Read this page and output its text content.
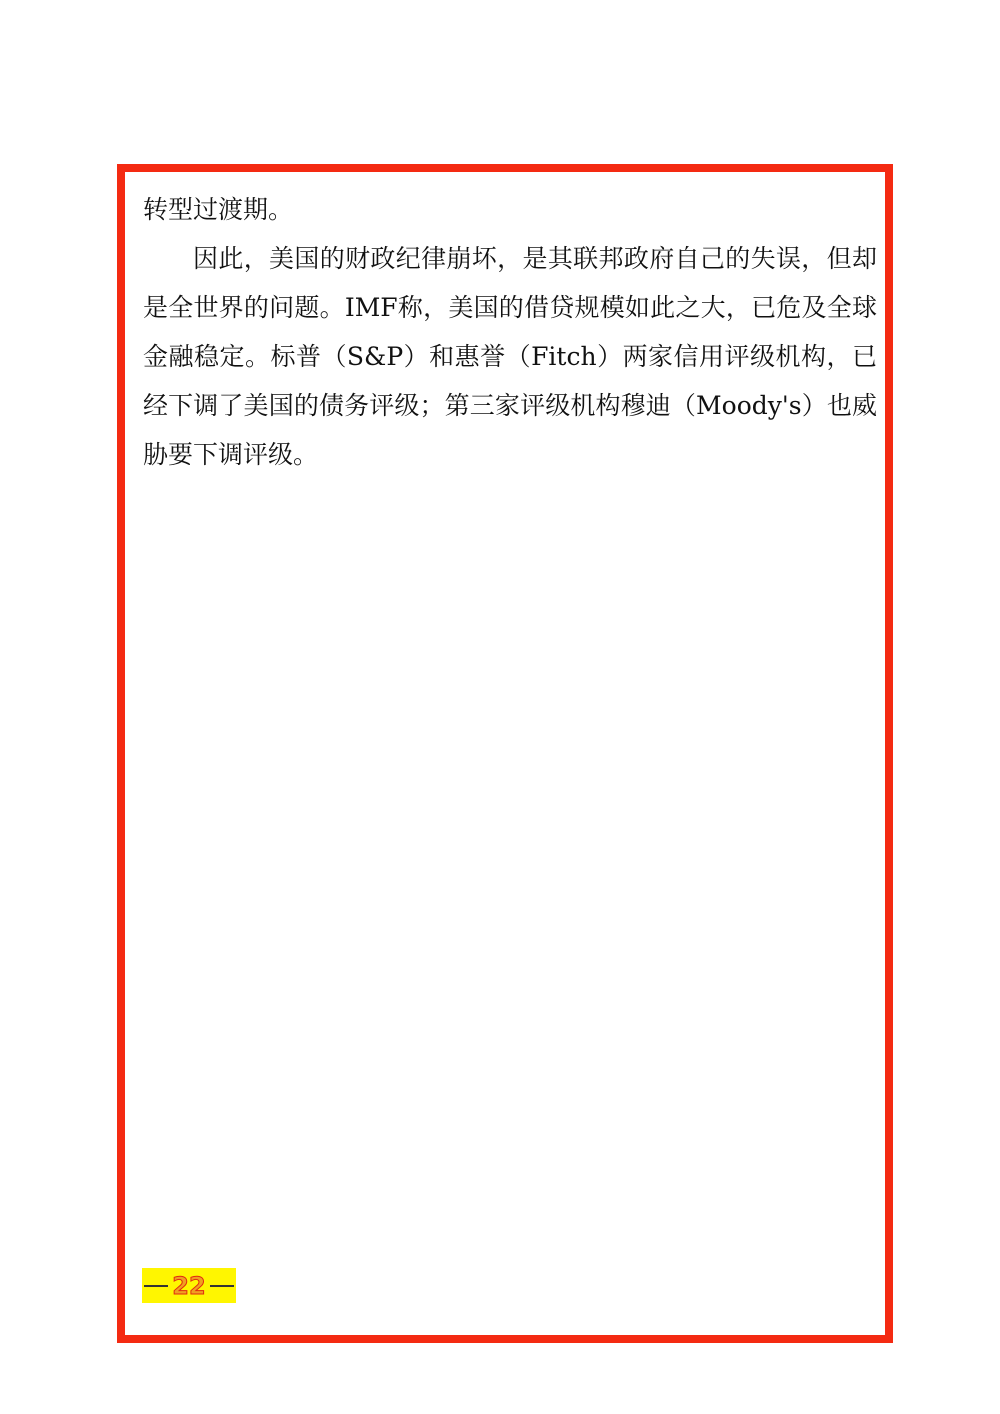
转型过渡期。

因此，美国的财政纪律崩坏，是其联邦政府自己的失误，但却是全世界的问题。IMF称，美国的借贷规模如此之大，已危及全球金融稳定。标普（S&P）和惠誉（Fitch）两家信用评级机构，已经下调了美国的债务评级；第三家评级机构穆迪（Moody's）也威胁要下调评级。

22
